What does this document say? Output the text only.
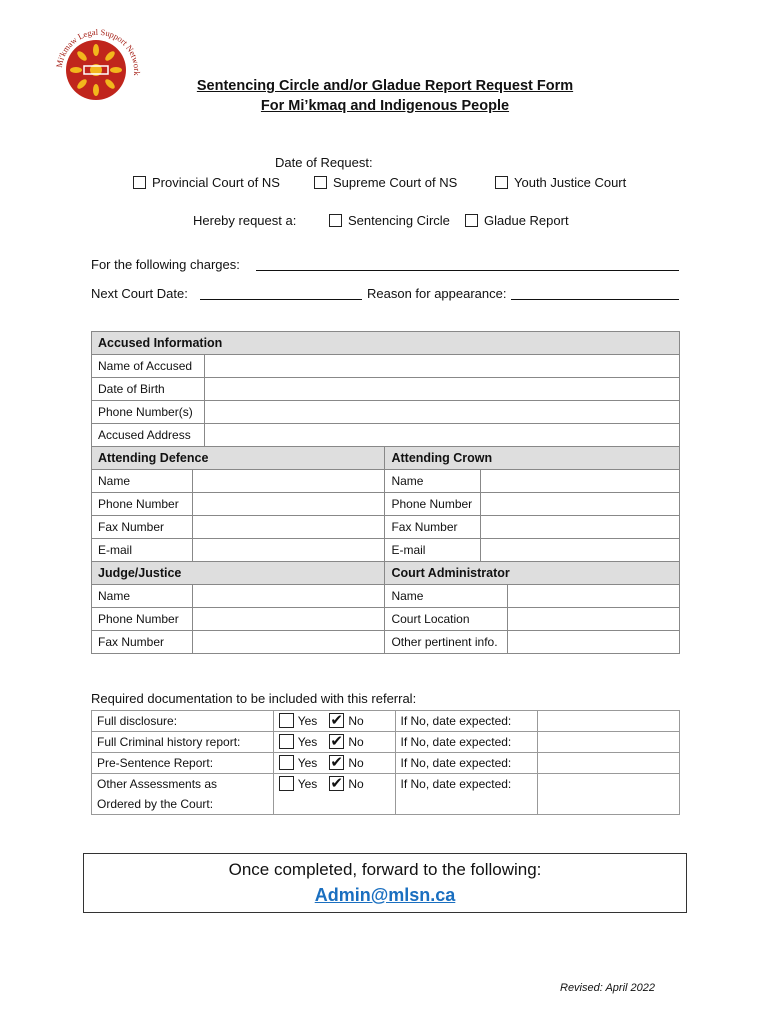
Mi'kmaw Legal Support Network
Sentencing Circle and/or Gladue Report Request Form
For Mi’kmaq and Indigenous People
Date of Request:
Provincial Court of NS	Supreme Court of NS	Youth Justice Court
Hereby request a:	Sentencing Circle	Gladue Report
For the following charges:
Next Court Date:	Reason for appearance:
Accused Information					
Name of Accused					
Date of Birth					
Phone Number(s)					
Accused Address					
Attending Defence			Attending Crown		
Name			Name		
Phone Number			Phone Number		
Fax Number			Fax Number		
E-mail			E-mail		
Judge/Justice			Court Administrator		
Name			Name		
Phone Number			Court Location		
Fax Number			Other pertinent info.		
Required documentation to be included with this referral:
Full disclosure:	Yes ✔ No	If No, date expected:	
Full Criminal history report:	Yes ✔ No	If No, date expected:	
Pre-Sentence Report:	Yes ✔ No	If No, date expected:	

Other Assessments as
Ordered by the Court:	Yes ✔ No	If No, date expected:	
Once completed, forward to the following:
Admin@mlsn.ca
Revised: April 2022
